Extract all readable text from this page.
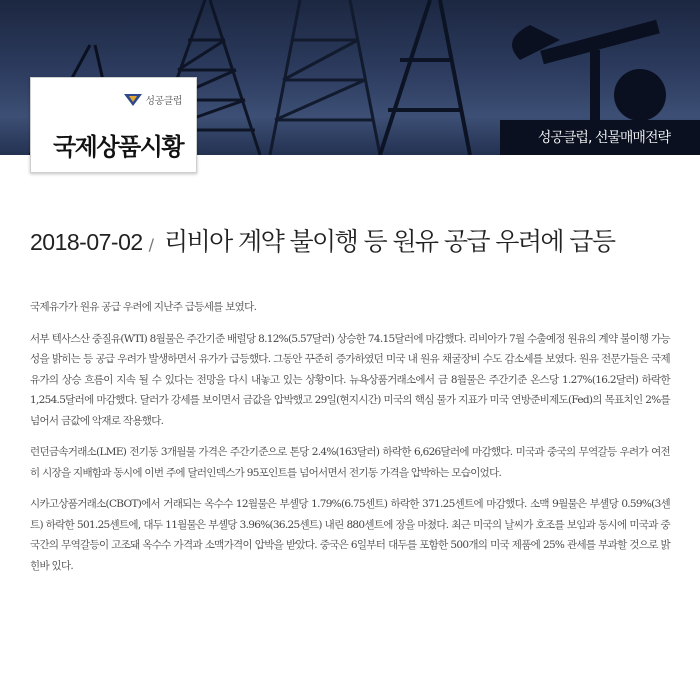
성공클럽, 선물매매전략
성공클럽
국제상품시황
2018-07-02 / 리비아 계약 불이행 등 원유 공급 우려에 급등

국제유가가 원유 공급 우려에 지난주 급등세를 보였다.

서부 텍사스산 중질유(WTI) 8월물은 주간기준 배럴당 8.12%(5.57달러) 상승한 74.15달러에 마감했다. 리비아가 7월 수출예정 원유의 계약 불이행 가능성을 밝히는 등 공급 우려가 발생하면서 유가가 급등했다. 그동안 꾸준히 증가하였던 미국 내 원유 채굴장비 수도 감소세를 보였다. 원유 전문가들은 국제유가의 상승 흐름이 지속 될 수 있다는 전망을 다시 내놓고 있는 상황이다. 뉴욕상품거래소에서 금 8월물은 주간기준 온스당 1.27%(16.2달러) 하락한 1,254.5달러에 마감했다. 달러가 강세를 보이면서 금값을 압박했고 29일(현지시간) 미국의 핵심 물가 지표가 미국 연방준비제도(Fed)의 목표치인 2%를 넘어서 금값에 악재로 작용했다.

런던금속거래소(LME) 전기동 3개월물 가격은 주간기준으로 톤당 2.4%(163달러) 하락한 6,626달러에 마감했다. 미국과 중국의 무역갈등 우려가 여전히 시장을 지배함과 동시에 이번 주에 달러인덱스가 95포인트를 넘어서면서 전기동 가격을 압박하는 모습이었다.

시카고상품거래소(CBOT)에서 거래되는 옥수수 12월물은 부셸당 1.79%(6.75센트) 하락한 371.25센트에 마감했다. 소맥 9월물은 부셸당 0.59%(3센트) 하락한 501.25센트에, 대두 11월물은 부셸당 3.96%(36.25센트) 내린 880센트에 장을 마쳤다. 최근 미국의 날씨가 호조를 보임과 동시에 미국과 중국간의 무역갈등이 고조돼 옥수수 가격과 소맥가격이 압박을 받았다. 중국은 6일부터 대두를 포함한 500개의 미국 제품에 25% 관세를 부과할 것으로 밝힌바 있다.
